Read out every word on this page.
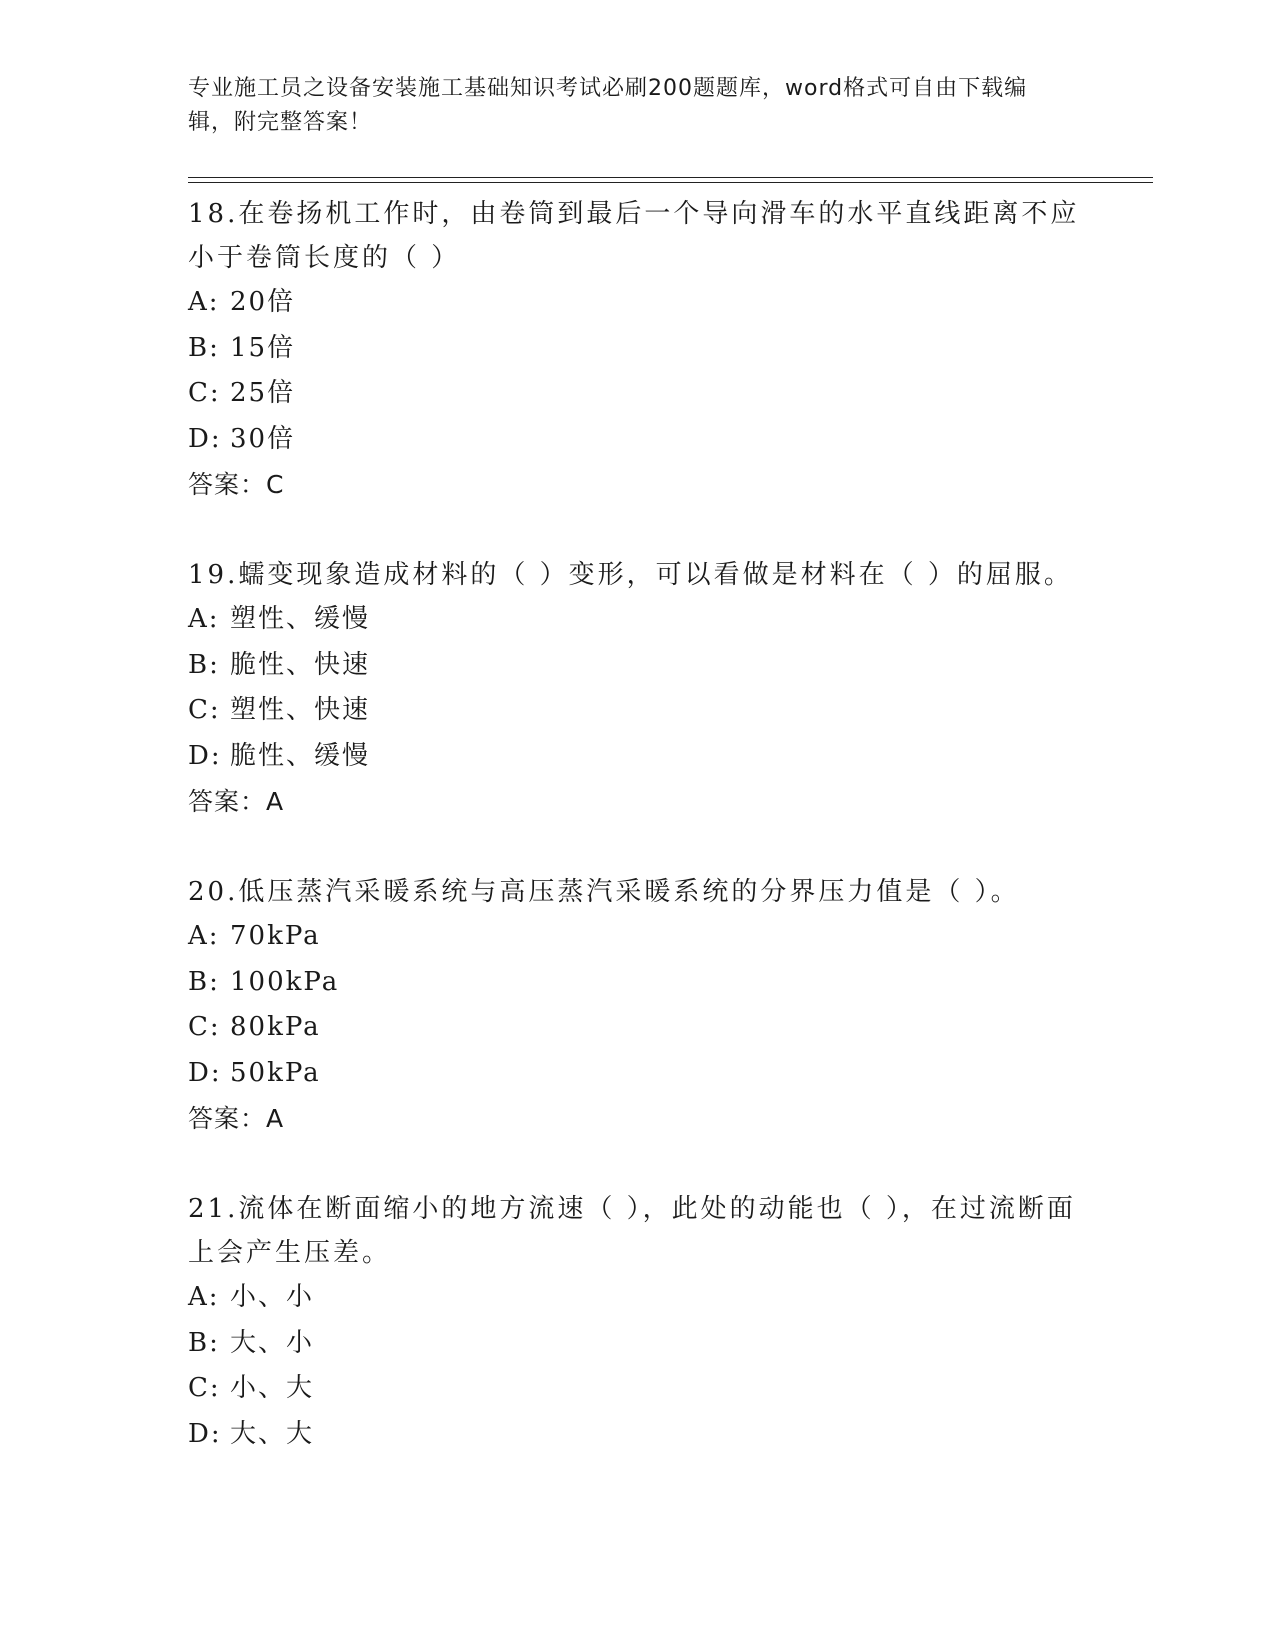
专业施工员之设备安装施工基础知识考试必刷200题题库，word格式可自由下载编辑，附完整答案！
18.在卷扬机工作时，由卷筒到最后一个导向滑车的水平直线距离不应小于卷筒长度的（ ）
A: 20倍
B: 15倍
C: 25倍
D: 30倍
答案：C
19.蠕变现象造成材料的（ ）变形，可以看做是材料在（ ）的屈服。
A: 塑性、缓慢
B: 脆性、快速
C: 塑性、快速
D: 脆性、缓慢
答案：A
20.低压蒸汽采暖系统与高压蒸汽采暖系统的分界压力值是（ ）。
A: 70kPa
B: 100kPa
C: 80kPa
D: 50kPa
答案：A
21.流体在断面缩小的地方流速（ ），此处的动能也（ ），在过流断面上会产生压差。
A: 小、小
B: 大、小
C: 小、大
D: 大、大
